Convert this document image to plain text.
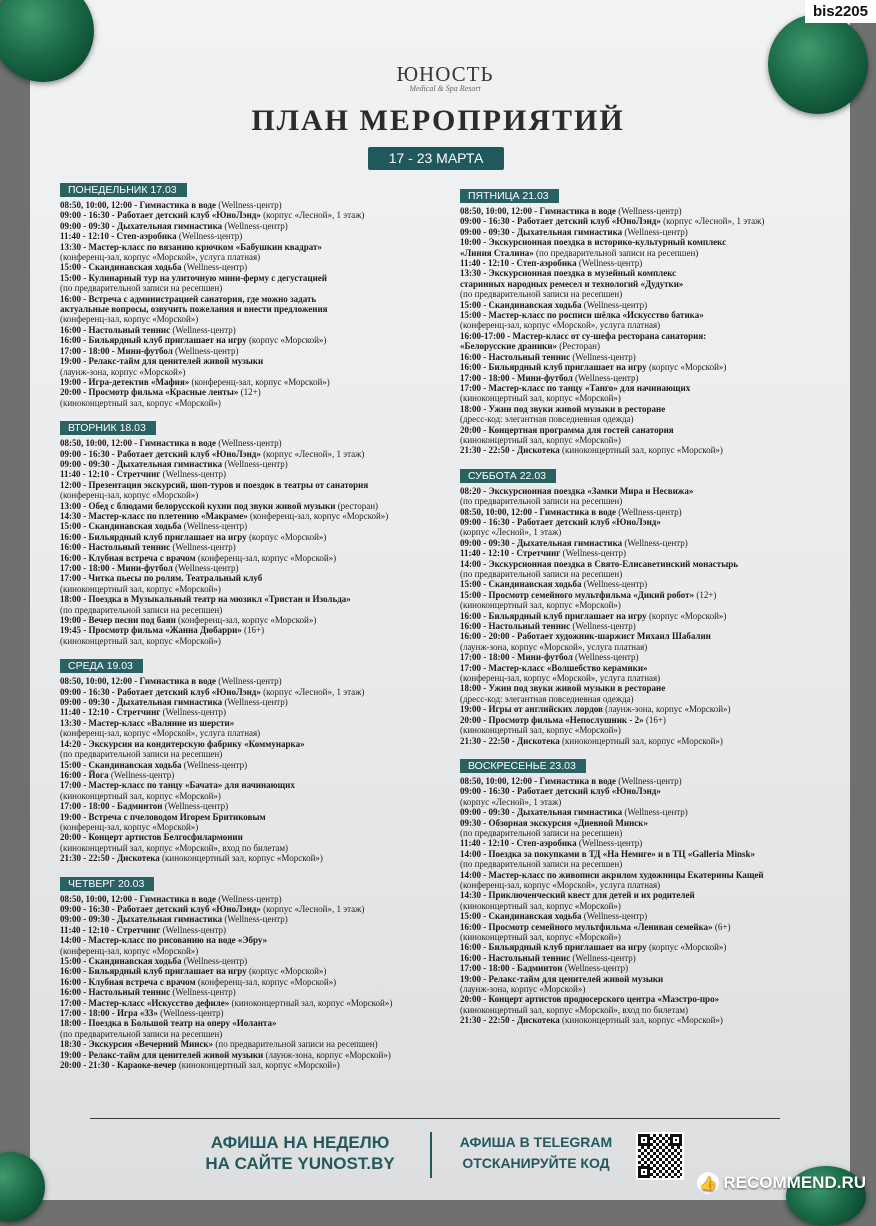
ЮНОСТЬ
Medical & Spa Resort
bis2205
ПЛАН МЕРОПРИЯТИЙ
17 - 23 МАРТА
ПОНЕДЕЛЬНИК 17.03
08:50, 10:00, 12:00 - Гимнастика в воде (Wellness-центр)
09:00 - 16:30 - Работает детский клуб «ЮноЛэнд» (корпус «Лесной», 1 этаж)
09:00 - 09:30 - Дыхательная гимнастика (Wellness-центр)
11:40 - 12:10 - Степ-аэробика (Wellness-центр)
13:30 - Мастер-класс по вязанию крючком «Бабушкин квадрат»
(конференц-зал, корпус «Морской», услуга платная)
15:00 - Скандинавская ходьба (Wellness-центр)
15:00 - Кулинарный тур на улиточную мини-ферму с дегустацией
(по предварительной записи на ресепшен)
16:00 - Встреча с администрацией санатория, где можно задать
актуальные вопросы, озвучить пожелания и внести предложения
(конференц-зал, корпус «Морской»)
16:00 - Настольный теннис (Wellness-центр)
16:00 - Бильярдный клуб приглашает на игру (корпус «Морской»)
17:00 - 18:00 - Мини-футбол (Wellness-центр)
19:00 - Релакс-тайм для ценителей живой музыки
(лаунж-зона, корпус «Морской»)
19:00 - Игра-детектив «Мафия» (конференц-зал, корпус «Морской»)
20:00 - Просмотр фильма «Красные ленты» (12+)
(киноконцертный зал, корпус «Морской»)
ВТОРНИК 18.03
08:50, 10:00, 12:00 - Гимнастика в воде (Wellness-центр)
09:00 - 16:30 - Работает детский клуб «ЮноЛэнд» (корпус «Лесной», 1 этаж)
09:00 - 09:30 - Дыхательная гимнастика (Wellness-центр)
11:40 - 12:10 - Стретчинг (Wellness-центр)
12:00 - Презентация экскурсий, шоп-туров и поездок в театры от санатория
(конференц-зал, корпус «Морской»)
13:00 - Обед с блюдами белорусской кухни под звуки живой музыки (ресторан)
14:30 - Мастер-класс по плетению «Макраме» (конференц-зал, корпус «Морской»)
15:00 - Скандинавская ходьба (Wellness-центр)
16:00 - Бильярдный клуб приглашает на игру (корпус «Морской»)
16:00 - Настольный теннис (Wellness-центр)
16:00 - Клубная встреча с врачом (конференц-зал, корпус «Морской»)
17:00 - 18:00 - Мини-футбол (Wellness-центр)
17:00 - Читка пьесы по ролям. Театральный клуб
(киноконцертный зал, корпус «Морской»)
18:00 - Поездка в Музыкальный театр на мюзикл «Тристан и Изольда»
(по предварительной записи на ресепшен)
19:00 - Вечер песни под баян (конференц-зал, корпус «Морской»)
19:45 - Просмотр фильма «Жанна Дюбарри» (16+)
(киноконцертный зал, корпус «Морской»)
СРЕДА 19.03
08:50, 10:00, 12:00 - Гимнастика в воде (Wellness-центр)
09:00 - 16:30 - Работает детский клуб «ЮноЛэнд» (корпус «Лесной», 1 этаж)
09:00 - 09:30 - Дыхательная гимнастика (Wellness-центр)
11:40 - 12:10 - Стретчинг (Wellness-центр)
13:30 - Мастер-класс «Валяние из шерсти»
(конференц-зал, корпус «Морской», услуга платная)
14:20 - Экскурсия на кондитерскую фабрику «Коммунарка»
(по предварительной записи на ресепшен)
15:00 - Скандинавская ходьба (Wellness-центр)
16:00 - Йога (Wellness-центр)
17:00 - Мастер-класс по танцу «Бачата» для начинающих
(киноконцертный зал, корпус «Морской»)
17:00 - 18:00 - Бадминтон (Wellness-центр)
19:00 - Встреча с пчеловодом Игорем Бритиковым
(конференц-зал, корпус «Морской»)
20:00 - Концерт артистов Белгосфилармонии
(киноконцертный зал, корпус «Морской», вход по билетам)
21:30 - 22:50 - Дискотека (киноконцертный зал, корпус «Морской»)
ЧЕТВЕРГ 20.03
08:50, 10:00, 12:00 - Гимнастика в воде (Wellness-центр)
09:00 - 16:30 - Работает детский клуб «ЮноЛэнд» (корпус «Лесной», 1 этаж)
09:00 - 09:30 - Дыхательная гимнастика (Wellness-центр)
11:40 - 12:10 - Стретчинг (Wellness-центр)
14:00 - Мастер-класс по рисованию на воде «Эбру»
(конференц-зал, корпус «Морской»)
15:00 - Скандинавская ходьба (Wellness-центр)
16:00 - Бильярдный клуб приглашает на игру (корпус «Морской»)
16:00 - Клубная встреча с врачом (конференц-зал, корпус «Морской»)
16:00 - Настольный теннис (Wellness-центр)
17:00 - Мастер-класс «Искусство дефиле» (киноконцертный зал, корпус «Морской»)
17:00 - 18:00 - Игра «33» (Wellness-центр)
18:00 - Поездка в Большой театр на оперу «Иоланта»
(по предварительной записи на ресепшен)
18:30 - Экскурсия «Вечерний Минск» (по предварительной записи на ресепшен)
19:00 - Релакс-тайм для ценителей живой музыки (лаунж-зона, корпус «Морской»)
20:00 - 21:30 - Караоке-вечер (киноконцертный зал, корпус «Морской»)
ПЯТНИЦА 21.03
08:50, 10:00, 12:00 - Гимнастика в воде (Wellness-центр)
09:00 - 16:30 - Работает детский клуб «ЮноЛэнд» (корпус «Лесной», 1 этаж)
09:00 - 09:30 - Дыхательная гимнастика (Wellness-центр)
10:00 - Экскурсионная поездка в историко-культурный комплекс
«Линия Сталина» (по предварительной записи на ресепшен)
11:40 - 12:10 - Степ-аэробика (Wellness-центр)
13:30 - Экскурсионная поездка в музейный комплекс
старинных народных ремесел и технологий «Дудутки»
(по предварительной записи на ресепшен)
15:00 - Скандинавская ходьба (Wellness-центр)
15:00 - Мастер-класс по росписи шёлка «Искусство батика»
(конференц-зал, корпус «Морской», услуга платная)
16:00-17:00 - Мастер-класс от су-шефа ресторана санатория:
«Белорусские драники» (Ресторан)
16:00 - Настольный теннис (Wellness-центр)
16:00 - Бильярдный клуб приглашает на игру (корпус «Морской»)
17:00 - 18:00 - Мини-футбол (Wellness-центр)
17:00 - Мастер-класс по танцу «Танго» для начинающих
(киноконцертный зал, корпус «Морской»)
18:00 - Ужин под звуки живой музыки в ресторане
(дресс-код: элегантная повседневная одежда)
20:00 - Концертная программа для гостей санатория
(киноконцертный зал, корпус «Морской»)
21:30 - 22:50 - Дискотека (киноконцертный зал, корпус «Морской»)
СУББОТА 22.03
08:20 - Экскурсионная поездка «Замки Мира и Несвижа»
(по предварительной записи на ресепшен)
08:50, 10:00, 12:00 - Гимнастика в воде (Wellness-центр)
09:00 - 16:30 - Работает детский клуб «ЮноЛэнд»
(корпус «Лесной», 1 этаж)
09:00 - 09:30 - Дыхательная гимнастика (Wellness-центр)
11:40 - 12:10 - Стретчинг (Wellness-центр)
14:00 - Экскурсионная поездка в Свято-Елисаветинский монастырь
(по предварительной записи на ресепшен)
15:00 - Скандинавская ходьба (Wellness-центр)
15:00 - Просмотр семейного мультфильма «Дикий робот» (12+)
(киноконцертный зал, корпус «Морской»)
16:00 - Бильярдный клуб приглашает на игру (корпус «Морской»)
16:00 - Настольный теннис (Wellness-центр)
16:00 - 20:00 - Работает художник-шаржист Михаил Шабалин
(лаунж-зона, корпус «Морской», услуга платная)
17:00 - 18:00 - Мини-футбол (Wellness-центр)
17:00 - Мастер-класс «Волшебство керамики»
(конференц-зал, корпус «Морской», услуга платная)
18:00 - Ужин под звуки живой музыки в ресторане
(дресс-код: элегантная повседневная одежда)
19:00 - Игры от английских лордов (лаунж-зона, корпус «Морской»)
20:00 - Просмотр фильма «Непослушник - 2» (16+)
(киноконцертный зал, корпус «Морской»)
21:30 - 22:50 - Дискотека (киноконцертный зал, корпус «Морской»)
ВОСКРЕСЕНЬЕ 23.03
08:50, 10:00, 12:00 - Гимнастика в воде (Wellness-центр)
09:00 - 16:30 - Работает детский клуб «ЮноЛэнд»
(корпус «Лесной», 1 этаж)
09:00 - 09:30 - Дыхательная гимнастика (Wellness-центр)
09:30 - Обзорная экскурсия «Дневной Минск»
(по предварительной записи на ресепшен)
11:40 - 12:10 - Степ-аэробика (Wellness-центр)
14:00 - Поездка за покупками в ТД «На Немиге» и в ТЦ «Galleria Minsk»
(по предварительной записи на ресепшен)
14:00 - Мастер-класс по живописи акрилом художницы Екатерины Кащей
(конференц-зал, корпус «Морской», услуга платная)
14:30 - Приключенческий квест для детей и их родителей
(киноконцертный зал, корпус «Морской»)
15:00 - Скандинавская ходьба (Wellness-центр)
16:00 - Просмотр семейного мультфильма «Ленивая семейка» (6+)
(киноконцертный зал, корпус «Морской»)
16:00 - Бильярдный клуб приглашает на игру (корпус «Морской»)
16:00 - Настольный теннис (Wellness-центр)
17:00 - 18:00 - Бадминтон (Wellness-центр)
19:00 - Релакс-тайм для ценителей живой музыки
(лаунж-зона, корпус «Морской»)
20:00 - Концерт артистов продюсерского центра «Маэстро-про»
(киноконцертный зал, корпус «Морской», вход по билетам)
21:30 - 22:50 - Дискотека (киноконцертный зал, корпус «Морской»)
АФИША НА НЕДЕЛЮ
НА САЙТЕ YUNOST.BY
АФИША В TELEGRAM
ОТСКАНИРУЙТЕ КОД
👍 RECOMMEND.RU
